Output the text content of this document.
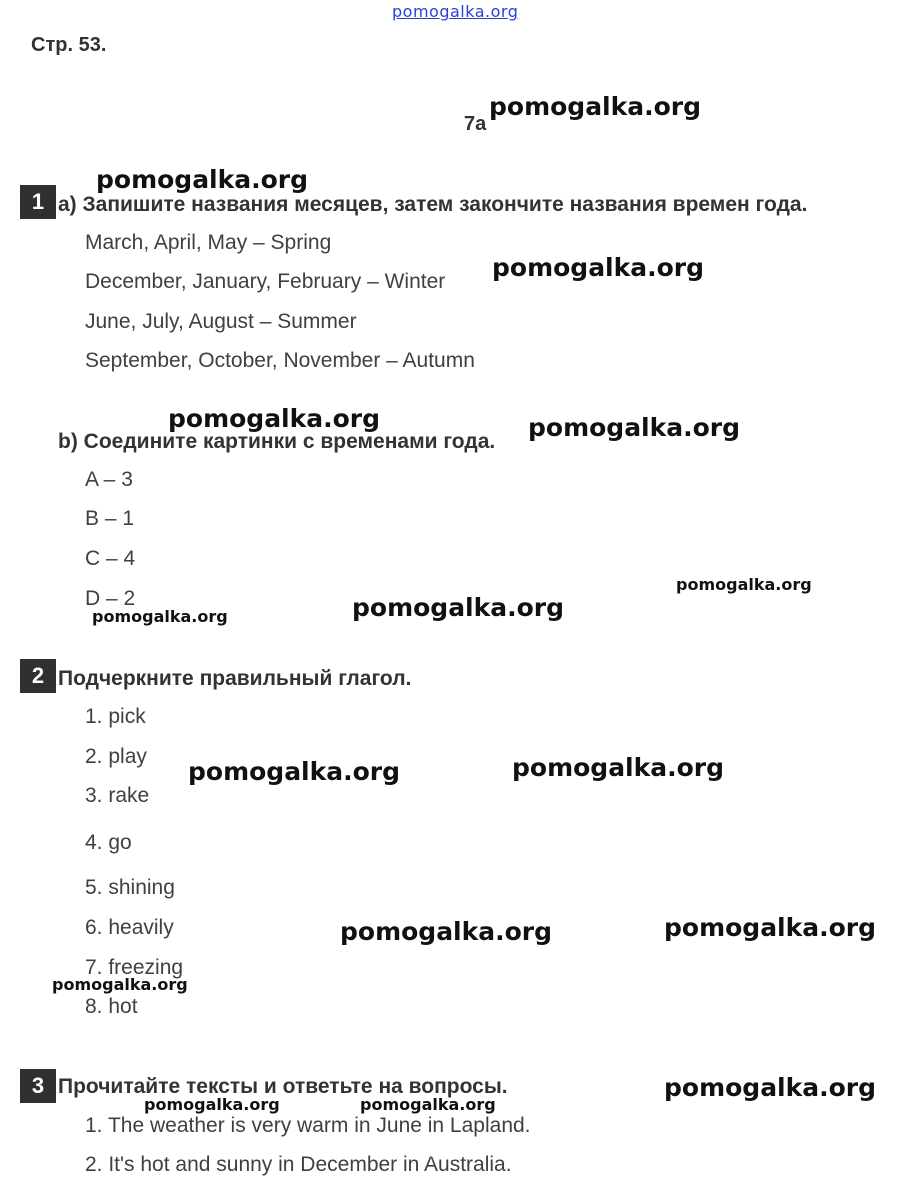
pomogalka.org
Стр. 53.
7a
1 a) Запишите названия месяцев, затем закончите названия времен года.
March, April, May – Spring
December, January, February – Winter
June, July, August – Summer
September, October, November – Autumn
b) Соедините картинки с временами года.
A – 3
B – 1
C – 4
D – 2
2 Подчеркните правильный глагол.
1. pick
2. play
3. rake
4. go
5. shining
6. heavily
7. freezing
8. hot
3 Прочитайте тексты и ответьте на вопросы.
1. The weather is very warm in June in Lapland.
2. It's hot and sunny in December in Australia.
pomogalka.org
pomogalka.org
pomogalka.org
pomogalka.org	pomogalka.org
pomogalka.org
pomogalka.org
pomogalka.org
pomogalka.org	pomogalka.org
pomogalka.org	pomogalka.org
pomogalka.org
pomogalka.org
pomogalka.org	pomogalka.org
